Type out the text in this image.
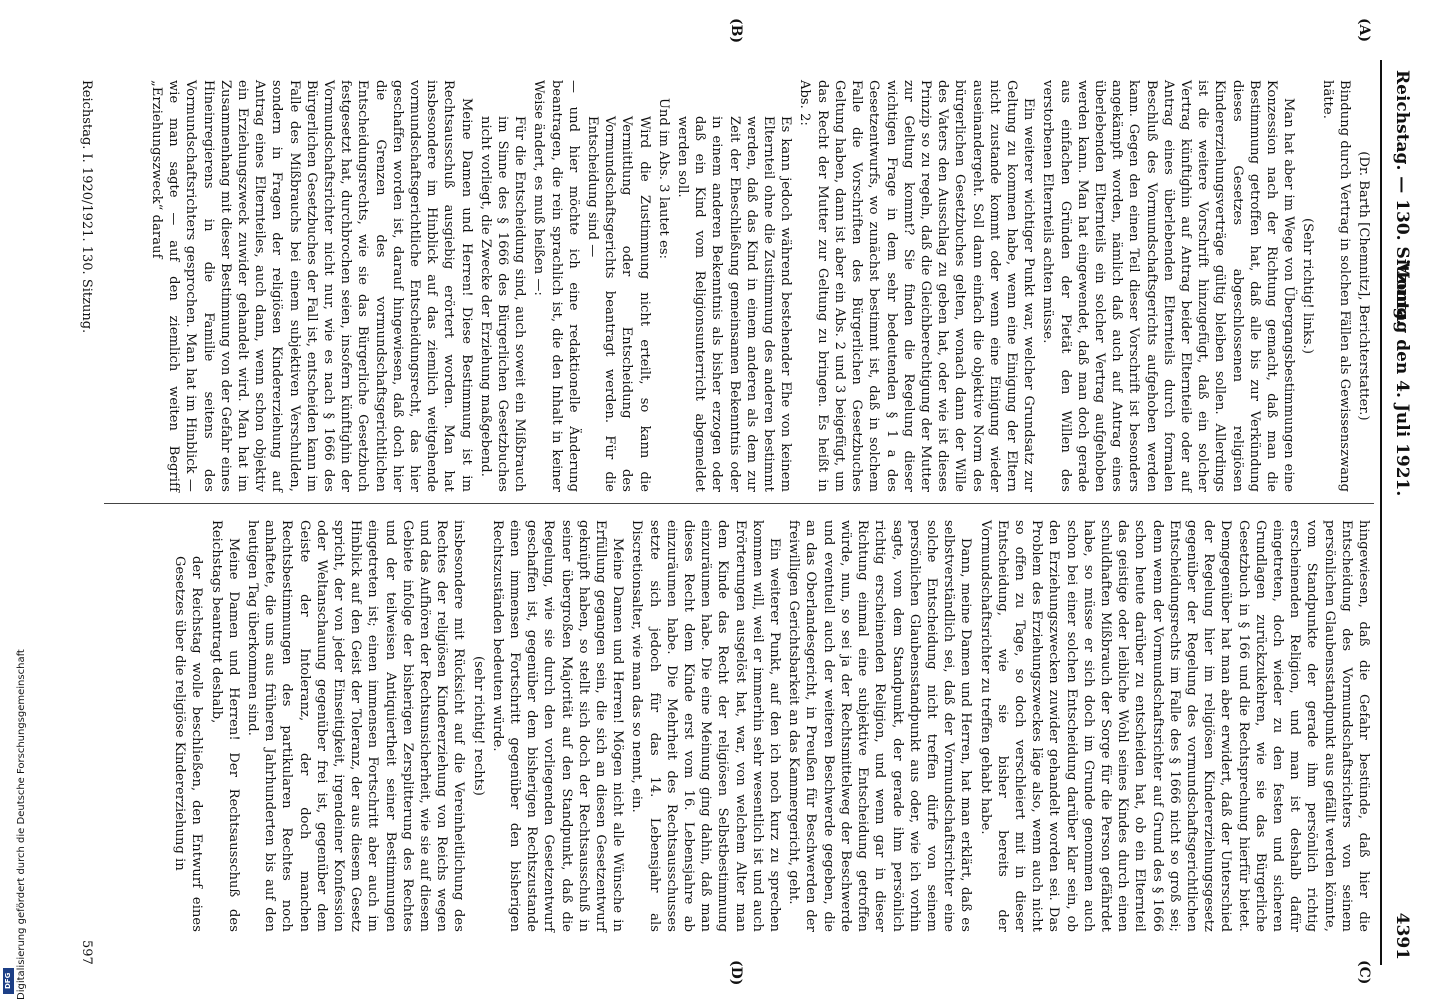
Reichstag. — 130. Sitzung.
Montag den 4. Juli 1921.
4391
(A)
(B)
(C)
(D)

(Dr. Barth [Chemnitz], Berichterstatter.)

Bindung durch Vertrag in solchen Fällen als Gewissenszwang hätte.

(Sehr richtig! links.)

Man hat aber im Wege von Übergangsbestimmungen eine Konzession nach der Richtung gemacht, daß man die Bestimmung getroffen hat, daß alle bis zur Verkündung dieses Gesetzes abgeschlossenen religiösen Kindererziehungsverträge gültig bleiben sollen. Allerdings ist die weitere Vorschrift hinzugefügt, daß ein solcher Vertrag künftighin auf Antrag beider Elternteile oder auf Antrag eines überlebenden Elternteils durch formalen Beschluß des Vormundschaftsgerichts aufgehoben werden kann. Gegen den einen Teil dieser Vorschrift ist besonders angekämpft worden, nämlich daß auch auf Antrag eines überlebenden Elternteils ein solcher Vertrag aufgehoben werden kann. Man hat eingewendet, daß man doch gerade aus einfachen Gründen der Pietät den Willen des verstorbenen Elternteils achten müsse.

Ein weiterer wichtiger Punkt war, welcher Grundsatz zur Geltung zu kommen habe, wenn eine Einigung der Eltern nicht zustande kommt oder wenn eine Einigung wieder auseinandergeht. Soll dann einfach die objektive Norm des bürgerlichen Gesetzbuches gelten, wonach dann der Wille des Vaters den Ausschlag zu geben hat, oder wie ist dieses Prinzip so zu regeln, daß die Gleichberechtigung der Mutter zur Geltung kommt? Sie finden die Regelung dieser wichtigen Frage in dem sehr bedeutenden § 1 a des Gesetzentwurfs, wo zunächst bestimmt ist, daß in solchem Falle die Vorschriften des Bürgerlichen Gesetzbuches Geltung haben, dann ist aber ein Abs. 2 und 3 beigefügt, um das Recht der Mutter zur Geltung zu bringen. Es heißt in Abs. 2:

Es kann jedoch während bestehender Ehe von keinem Elternteil ohne die Zustimmung des anderen bestimmt werden, daß das Kind in einem anderen als dem zur Zeit der Eheschließung gemeinsamen Bekenntnis oder in einem anderen Bekenntnis als bisher erzogen oder daß ein Kind vom Religionsunterricht abgemeldet werden soll.

Und im Abs. 3 lautet es:

Wird die Zustimmung nicht erteilt, so kann die Vermittlung oder Entscheidung des Vormundschaftsgerichts beantragt werden. Für die Entscheidung sind —

— und hier möchte ich eine redaktionelle Änderung beantragen, die rein sprachlich ist, die den Inhalt in keiner Weise ändert, es muß heißen —:

Für die Entscheidung sind, auch soweit ein Mißbrauch im Sinne des § 1666 des Bürgerlichen Gesetzbuches nicht vorliegt, die Zwecke der Erziehung maßgebend.

Meine Damen und Herren! Diese Bestimmung ist im Rechtsausschuß ausgiebig erörtert worden. Man hat insbesondere im Hinblick auf das ziemlich weitgehende vormundschaftsgerichtliche Entscheidungsrecht, das hier geschaffen worden ist, darauf hingewiesen, daß doch hier die Grenzen des vormundschaftsgerichtlichen Entscheidungsrechts, wie sie das Bürgerliche Gesetzbuch festgesetzt hat, durchbrochen seien, insofern künftighin der Vormundschaftsrichter nicht nur, wie es nach § 1666 des Bürgerlichen Gesetzbuches der Fall ist, entscheiden kann im Falle des Mißbrauchs bei einem subjektiven Verschulden, sondern in Fragen der religiösen Kindererziehung auf Antrag eines Elternteiles, auch dann, wenn schon objektiv ein Erziehungszweck zuwider gehandelt wird. Man hat im Zusammenhang mit dieser Bestimmung von der Gefahr eines Hineinregierens in die Familie seitens des Vormundschaftsrichters gesprochen. Man hat im Hinblick — wie man sagte — auf den ziemlich weiten Begriff „Erziehungszweck“ darauf

hingewiesen, daß die Gefahr bestünde, daß hier die Entscheidung des Vormundschaftsrichters von seinem persönlichen Glaubensstandpunkt aus gefällt werden könnte, vom Standpunkte der gerade ihm persönlich richtig erscheinenden Religion, und man ist deshalb dafür eingetreten, doch wieder zu den festen und sicheren Grundlagen zurückzukehren, wie sie das Bürgerliche Gesetzbuch in § 166 und die Rechtsprechung hierfür bietet. Demgegenüber hat man aber erwidert, daß der Unterschied der Regelung hier im religiösen Kindererziehungsgesetz gegenüber der Regelung des vormundschaftsgerichtlichen Entscheidungsrechts im Falle des § 1666 nicht so groß sei; denn wenn der Vormundschaftsrichter auf Grund des § 1666 schon heute darüber zu entscheiden hat, ob ein Elternteil das geistige oder leibliche Wohl seines Kindes durch einen schuldhaften Mißbrauch der Sorge für die Person gefährdet habe, so müsse er sich doch im Grunde genommen auch schon bei einer solchen Entscheidung darüber klar sein, ob den Erziehungszwecken zuwider gehandelt worden sei. Das Problem des Erziehungszweckes läge also, wenn auch nicht so offen zu Tage, so doch verschleiert mit in dieser Entscheidung, wie sie bisher bereits der Vormundschaftsrichter zu treffen gehabt habe.

Dann, meine Damen und Herren, hat man erklärt, daß es selbstverständlich sei, daß der Vormundschaftsrichter eine solche Entscheidung nicht treffen dürfe von seinem persönlichen Glaubensstandpunkt aus oder, wie ich vorhin sagte, vom dem Standpunkt, der gerade ihm persönlich richtig erscheinenden Religion, und wenn gar in dieser Richtung einmal eine subjektive Entscheidung getroffen würde, nun, so sei ja der Rechtsmittelweg der Beschwerde und eventuell auch der weiteren Beschwerde gegeben, die an das Oberlandesgericht, in Preußen für Beschwerden der freiwilligen Gerichtsbarkeit an das Kammergericht, geht.

Ein weiterer Punkt, auf den ich noch kurz zu sprechen kommen will, weil er immerhin sehr wesentlich ist und auch Erörterungen ausgelöst hat, war, von welchem Alter man dem Kinde das Recht der religiösen Selbstbestimmung einzuräumen habe. Die eine Meinung ging dahin, daß man dieses Recht dem Kinde erst vom 16. Lebensjahre ab einzuräumen habe. Die Mehrheit des Rechtsausschusses setzte sich jedoch für das 14. Lebensjahr als Discretionsalter, wie man das so nennt, ein.

Meine Damen und Herren! Mögen nicht alle Wünsche in Erfüllung gegangen sein, die sich an diesen Gesetzentwurf geknüpft haben, so stellt sich doch der Rechtsausschuß in seiner übergroßen Majorität auf den Standpunkt, daß die Regelung, wie sie durch den vorliegenden Gesetzentwurf geschaffen ist, gegenüber dem bisherigen Rechtszustande einen immensen Fortschritt gegenüber den bisherigen Rechtszuständen bedeuten würde.

(sehr richtig! rechts)

insbesondere mit Rücksicht auf die Vereinheitlichung des Rechtes der religiösen Kindererziehung von Reichs wegen und das Aufhören der Rechtsunsicherheit, wie sie auf diesem Gebiete infolge der bisherigen Zersplitterung des Rechtes und der teilweisen Antiquiertheit seiner Bestimmungen eingetreten ist; einen immensen Fortschritt aber auch im Hinblick auf den Geist der Toleranz, der aus diesem Gesetz spricht, der von jeder Einseitigkeit, irgendeiner Konfession oder Weltanschauung gegenüber frei ist, gegenüber dem Geiste der Intoleranz, der doch manchen Rechtsbestimmungen des partikularen Rechtes noch anhaftete, die uns aus früheren Jahrhunderten bis auf den heutigen Tag überkommen sind.

Meine Damen und Herren! Der Rechtsausschuß des Reichstags beantragt deshalb,

der Reichstag wolle beschließen, den Entwurf eines Gesetzes über die religiöse Kindererziehung in

Reichstag. I. 1920/1921. 130. Sitzung.
597
Digitalisierung gefördert durch die Deutsche Forschungsgemeinschaft
DFG
